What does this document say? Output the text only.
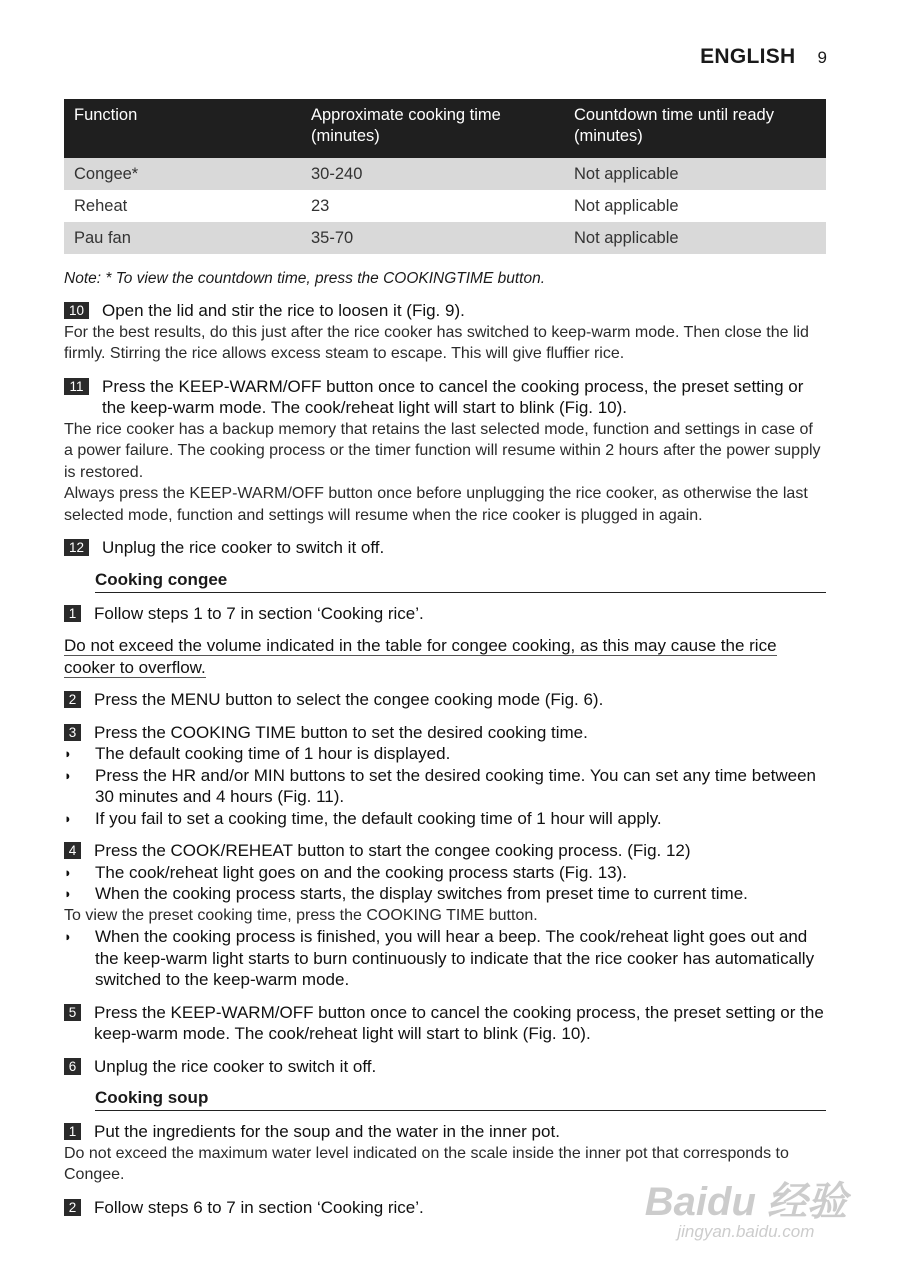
ENGLISH 9
Function	Approximate cooking time (minutes)	Countdown time until ready (minutes)
Congee*	30-240	Not applicable
Reheat	23	Not applicable
Pau fan	35-70	Not applicable
Note: * To view the countdown time, press the COOKINGTIME button.
10 Open the lid and stir the rice to loosen it (Fig. 9).
For the best results, do this just after the rice cooker has switched to keep-warm mode. Then close the lid firmly. Stirring the rice allows excess steam to escape. This will give fluffier rice.
11	Press the KEEP-WARM/OFF button once to cancel the cooking process, the preset setting or the keep-warm mode. The cook/reheat light will start to blink (Fig. 10).
The rice cooker has a backup memory that retains the last selected mode, function and settings in case of a power failure. The cooking process or the timer function will resume within 2 hours after the power supply is restored.
Always press the KEEP-WARM/OFF button once before unplugging the rice cooker, as otherwise the last selected mode, function and settings will resume when the rice cooker is plugged in again.
12 Unplug the rice cooker to switch it off.
Cooking congee
1 Follow steps 1 to 7 in section ‘Cooking rice’.
Do not exceed the volume indicated in the table for congee cooking, as this may cause the rice cooker to overflow.
2 Press the MENU button to select the congee cooking mode (Fig. 6).
3 Press the COOKING TIME button to set the desired cooking time.
◗	The default cooking time of 1 hour is displayed.
◗	Press the HR and/or MIN buttons to set the desired cooking time. You can set any time between 30 minutes and 4 hours (Fig. 11).
◗	If you fail to set a cooking time, the default cooking time of 1 hour will apply.
4 Press the COOK/REHEAT button to start the congee cooking process. (Fig. 12)
◗	The cook/reheat light goes on and the cooking process starts (Fig. 13).
◗	When the cooking process starts, the display switches from preset time to current time.
To view the preset cooking time, press the COOKING TIME button.
◗	When the cooking process is finished, you will hear a beep. The cook/reheat light goes out and the keep-warm light starts to burn continuously to indicate that the rice cooker has automatically switched to the keep-warm mode.
5 Press the KEEP-WARM/OFF button once to cancel the cooking process, the preset setting or the keep-warm mode. The cook/reheat light will start to blink (Fig. 10).
6 Unplug the rice cooker to switch it off.
Cooking soup
1 Put the ingredients for the soup and the water in the inner pot.
Do not exceed the maximum water level indicated on the scale inside the inner pot that corresponds to Congee.
2 Follow steps 6 to 7 in section ‘Cooking rice’.	Baidu 经验
jingyan.baidu.com
